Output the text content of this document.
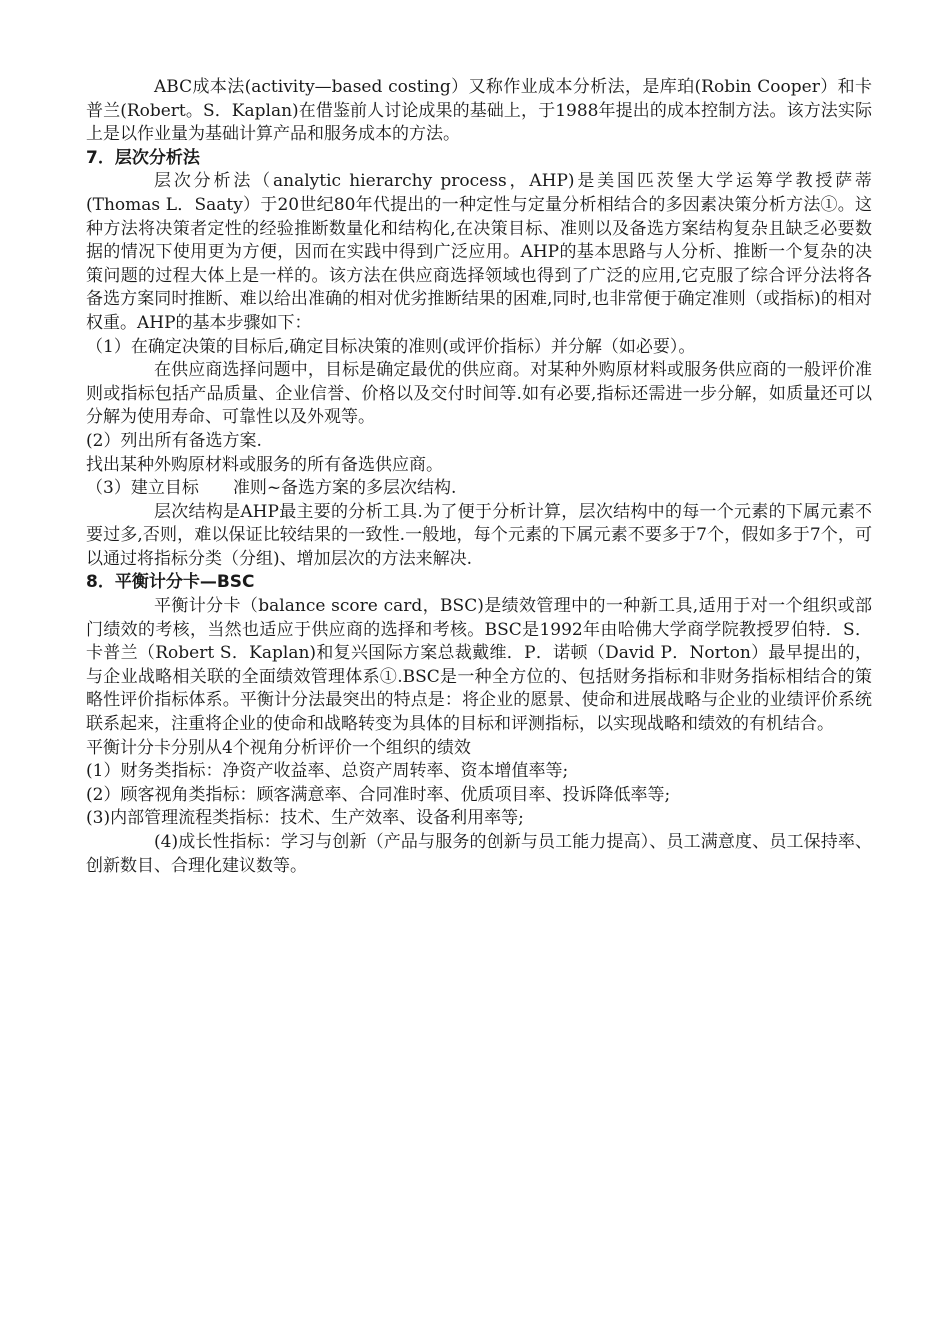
ABC成本法(activity—based costing）又称作业成本分析法，是库珀(Robin Cooper）和卡普兰(Robert。S．Kaplan)在借鉴前人讨论成果的基础上，于1988年提出的成本控制方法。该方法实际上是以作业量为基础计算产品和服务成本的方法。

7．层次分析法

层次分析法（analytic hierarchy process，AHP)是美国匹茨堡大学运筹学教授萨蒂(Thomas L．Saaty）于20世纪80年代提出的一种定性与定量分析相结合的多因素决策分析方法①。这种方法将决策者定性的经验推断数量化和结构化,在决策目标、准则以及备选方案结构复杂且缺乏必要数据的情况下使用更为方便，因而在实践中得到广泛应用。AHP的基本思路与人分析、推断一个复杂的决策问题的过程大体上是一样的。该方法在供应商选择领域也得到了广泛的应用,它克服了综合评分法将各备选方案同时推断、难以给出准确的相对优劣推断结果的困难,同时,也非常便于确定准则（或指标)的相对权重。AHP的基本步骤如下：

（1）在确定决策的目标后,确定目标决策的准则(或评价指标）并分解（如必要）。

在供应商选择问题中，目标是确定最优的供应商。对某种外购原材料或服务供应商的一般评价准则或指标包括产品质量、企业信誉、价格以及交付时间等.如有必要,指标还需进一步分解，如质量还可以分解为使用寿命、可靠性以及外观等。

(2）列出所有备选方案.

找出某种外购原材料或服务的所有备选供应商。

（3）建立目标　　准则~备选方案的多层次结构.

层次结构是AHP最主要的分析工具.为了便于分析计算，层次结构中的每一个元素的下属元素不要过多,否则，难以保证比较结果的一致性.一般地，每个元素的下属元素不要多于7个，假如多于7个，可以通过将指标分类（分组)、增加层次的方法来解决.

8．平衡计分卡—BSC

平衡计分卡（balance score card，BSC)是绩效管理中的一种新工具,适用于对一个组织或部门绩效的考核，当然也适应于供应商的选择和考核。BSC是1992年由哈佛大学商学院教授罗伯特．S．卡普兰（Robert S．Kaplan)和复兴国际方案总裁戴维．P．诺顿（David P．Norton）最早提出的，与企业战略相关联的全面绩效管理体系①.BSC是一种全方位的、包括财务指标和非财务指标相结合的策略性评价指标体系。平衡计分法最突出的特点是：将企业的愿景、使命和进展战略与企业的业绩评价系统联系起来，注重将企业的使命和战略转变为具体的目标和评测指标，以实现战略和绩效的有机结合。

平衡计分卡分别从4个视角分析评价一个组织的绩效

(1）财务类指标：净资产收益率、总资产周转率、资本增值率等;

(2）顾客视角类指标：顾客满意率、合同准时率、优质项目率、投诉降低率等;

(3)内部管理流程类指标：技术、生产效率、设备利用率等;

(4)成长性指标：学习与创新（产品与服务的创新与员工能力提高）、员工满意度、员工保持率、创新数目、合理化建议数等。
